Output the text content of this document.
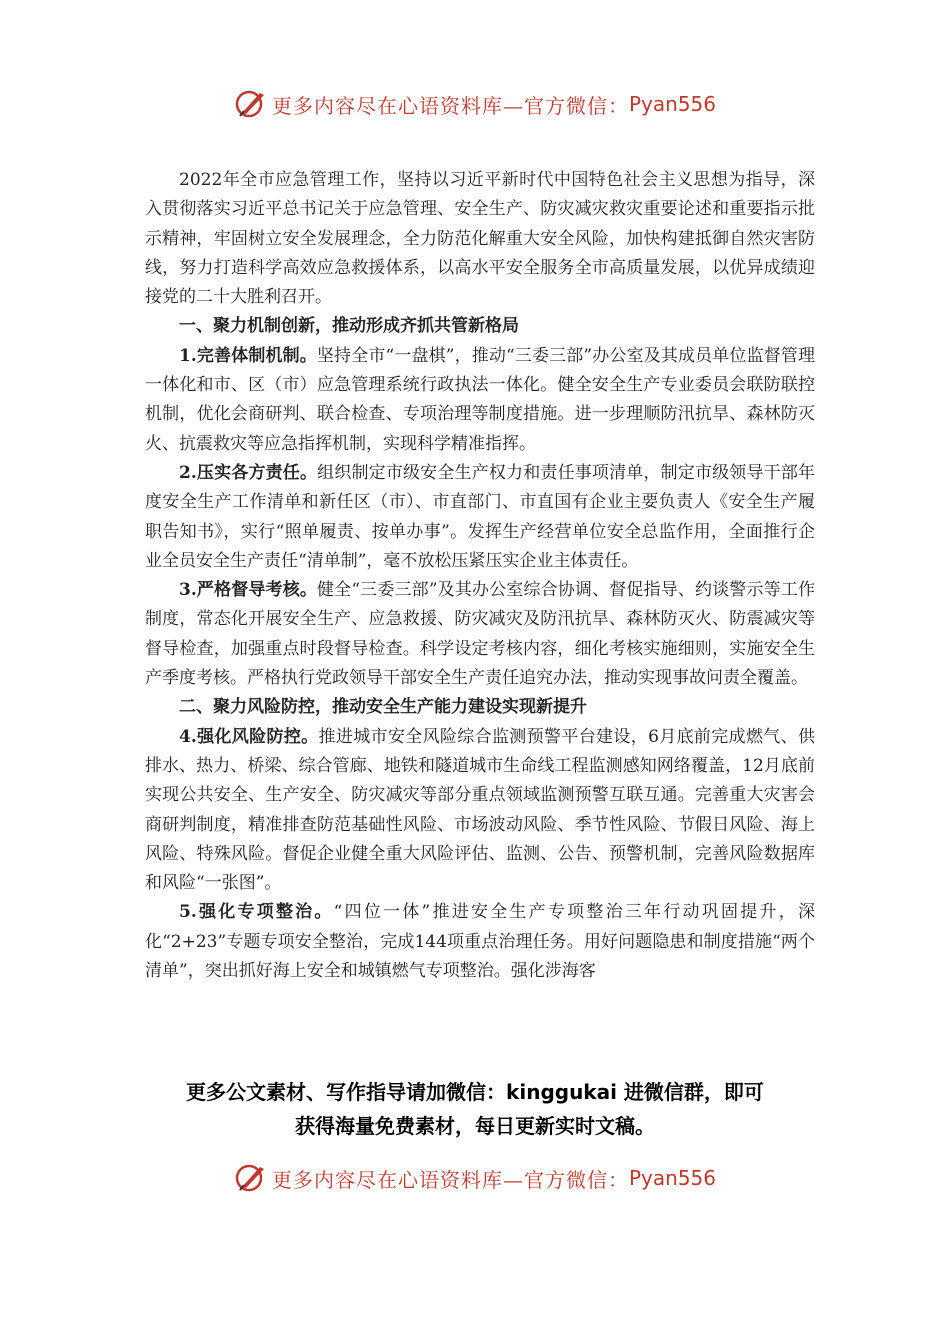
更多内容尽在心语资料库—官方微信： Pyan556

2022年全市应急管理工作，坚持以习近平新时代中国特色社会主义思想为指导，深入贯彻落实习近平总书记关于应急管理、安全生产、防灾减灾救灾重要论述和重要指示批示精神，牢固树立安全发展理念，全力防范化解重大安全风险，加快构建抵御自然灾害防线，努力打造科学高效应急救援体系，以高水平安全服务全市高质量发展，以优异成绩迎接党的二十大胜利召开。

一、聚力机制创新，推动形成齐抓共管新格局

1.完善体制机制。坚持全市“一盘棋”，推动“三委三部”办公室及其成员单位监督管理一体化和市、区（市）应急管理系统行政执法一体化。健全安全生产专业委员会联防联控机制，优化会商研判、联合检查、专项治理等制度措施。进一步理顺防汛抗旱、森林防灭火、抗震救灾等应急指挥机制，实现科学精准指挥。

2.压实各方责任。组织制定市级安全生产权力和责任事项清单，制定市级领导干部年度安全生产工作清单和新任区（市）、市直部门、市直国有企业主要负责人《安全生产履职告知书》，实行“照单履责、按单办事”。发挥生产经营单位安全总监作用，全面推行企业全员安全生产责任“清单制”，毫不放松压紧压实企业主体责任。

3.严格督导考核。健全“三委三部”及其办公室综合协调、督促指导、约谈警示等工作制度，常态化开展安全生产、应急救援、防灾减灾及防汛抗旱、森林防灭火、防震减灾等督导检查，加强重点时段督导检查。科学设定考核内容，细化考核实施细则，实施安全生产季度考核。严格执行党政领导干部安全生产责任追究办法，推动实现事故问责全覆盖。

二、聚力风险防控，推动安全生产能力建设实现新提升

4.强化风险防控。推进城市安全风险综合监测预警平台建设，6月底前完成燃气、供排水、热力、桥梁、综合管廊、地铁和隧道城市生命线工程监测感知网络覆盖，12月底前实现公共安全、生产安全、防灾减灾等部分重点领域监测预警互联互通。完善重大灾害会商研判制度，精准排查防范基础性风险、市场波动风险、季节性风险、节假日风险、海上风险、特殊风险。督促企业健全重大风险评估、监测、公告、预警机制，完善风险数据库和风险“一张图”。

5.强化专项整治。“四位一体”推进安全生产专项整治三年行动巩固提升，深化“2+23”专题专项安全整治，完成144项重点治理任务。用好问题隐患和制度措施“两个清单”，突出抓好海上安全和城镇燃气专项整治。强化涉海客

更多公文素材、写作指导请加微信：kinggukai 进微信群，即可
获得海量免费素材，每日更新实时文稿。
更多内容尽在心语资料库—官方微信： Pyan556
